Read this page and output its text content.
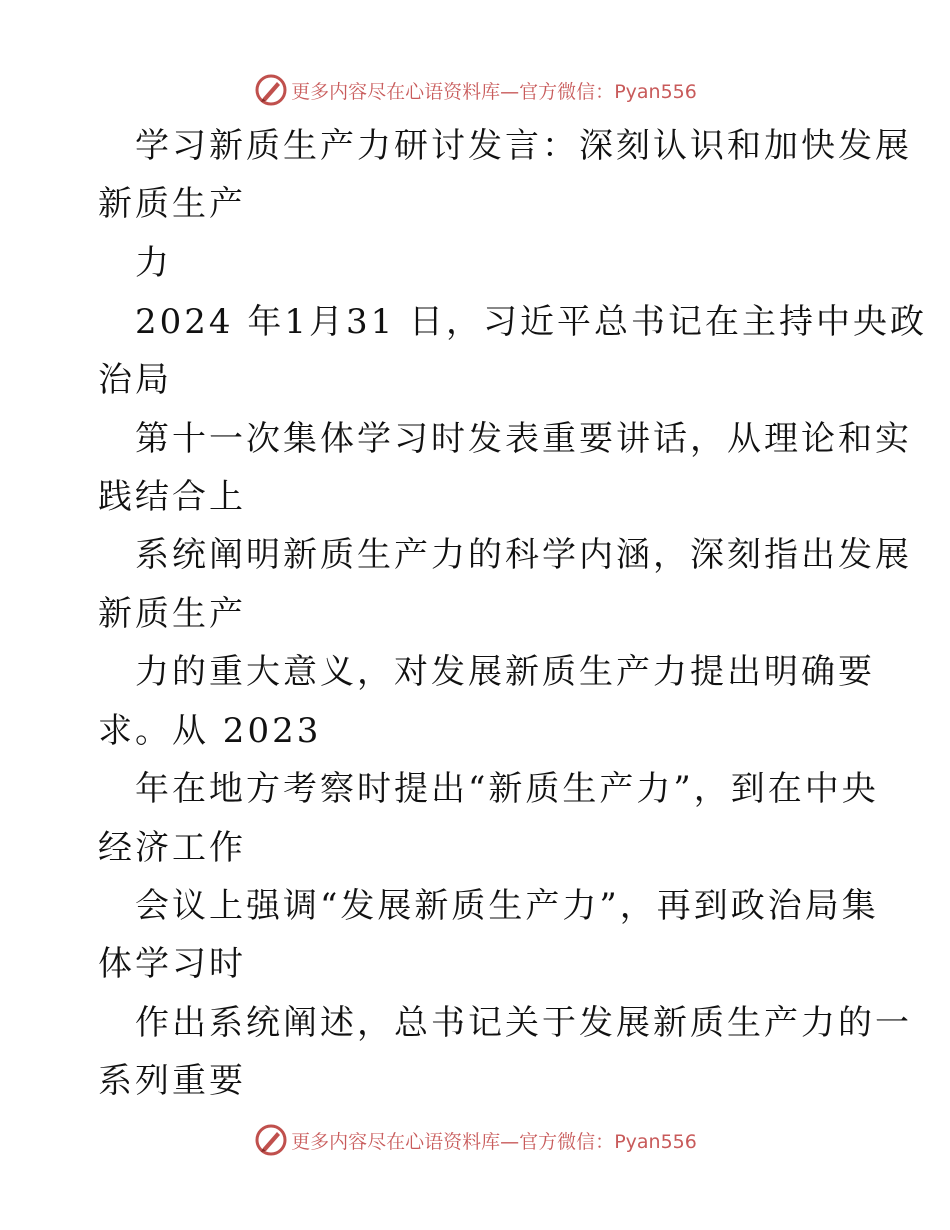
更多内容尽在心语资料库—官方微信：Pyan556
学习新质生产力研讨发言：深刻认识和加快发展
新质生产
力
2024 年1月31 日，习近平总书记在主持中央政
治局
第十一次集体学习时发表重要讲话，从理论和实
践结合上
系统阐明新质生产力的科学内涵，深刻指出发展
新质生产
力的重大意义，对发展新质生产力提出明确要
求。从 2023
年在地方考察时提出“新质生产力”，到在中央
经济工作
会议上强调“发展新质生产力”，再到政治局集
体学习时
作出系统阐述，总书记关于发展新质生产力的一
系列重要
更多内容尽在心语资料库—官方微信：Pyan556
